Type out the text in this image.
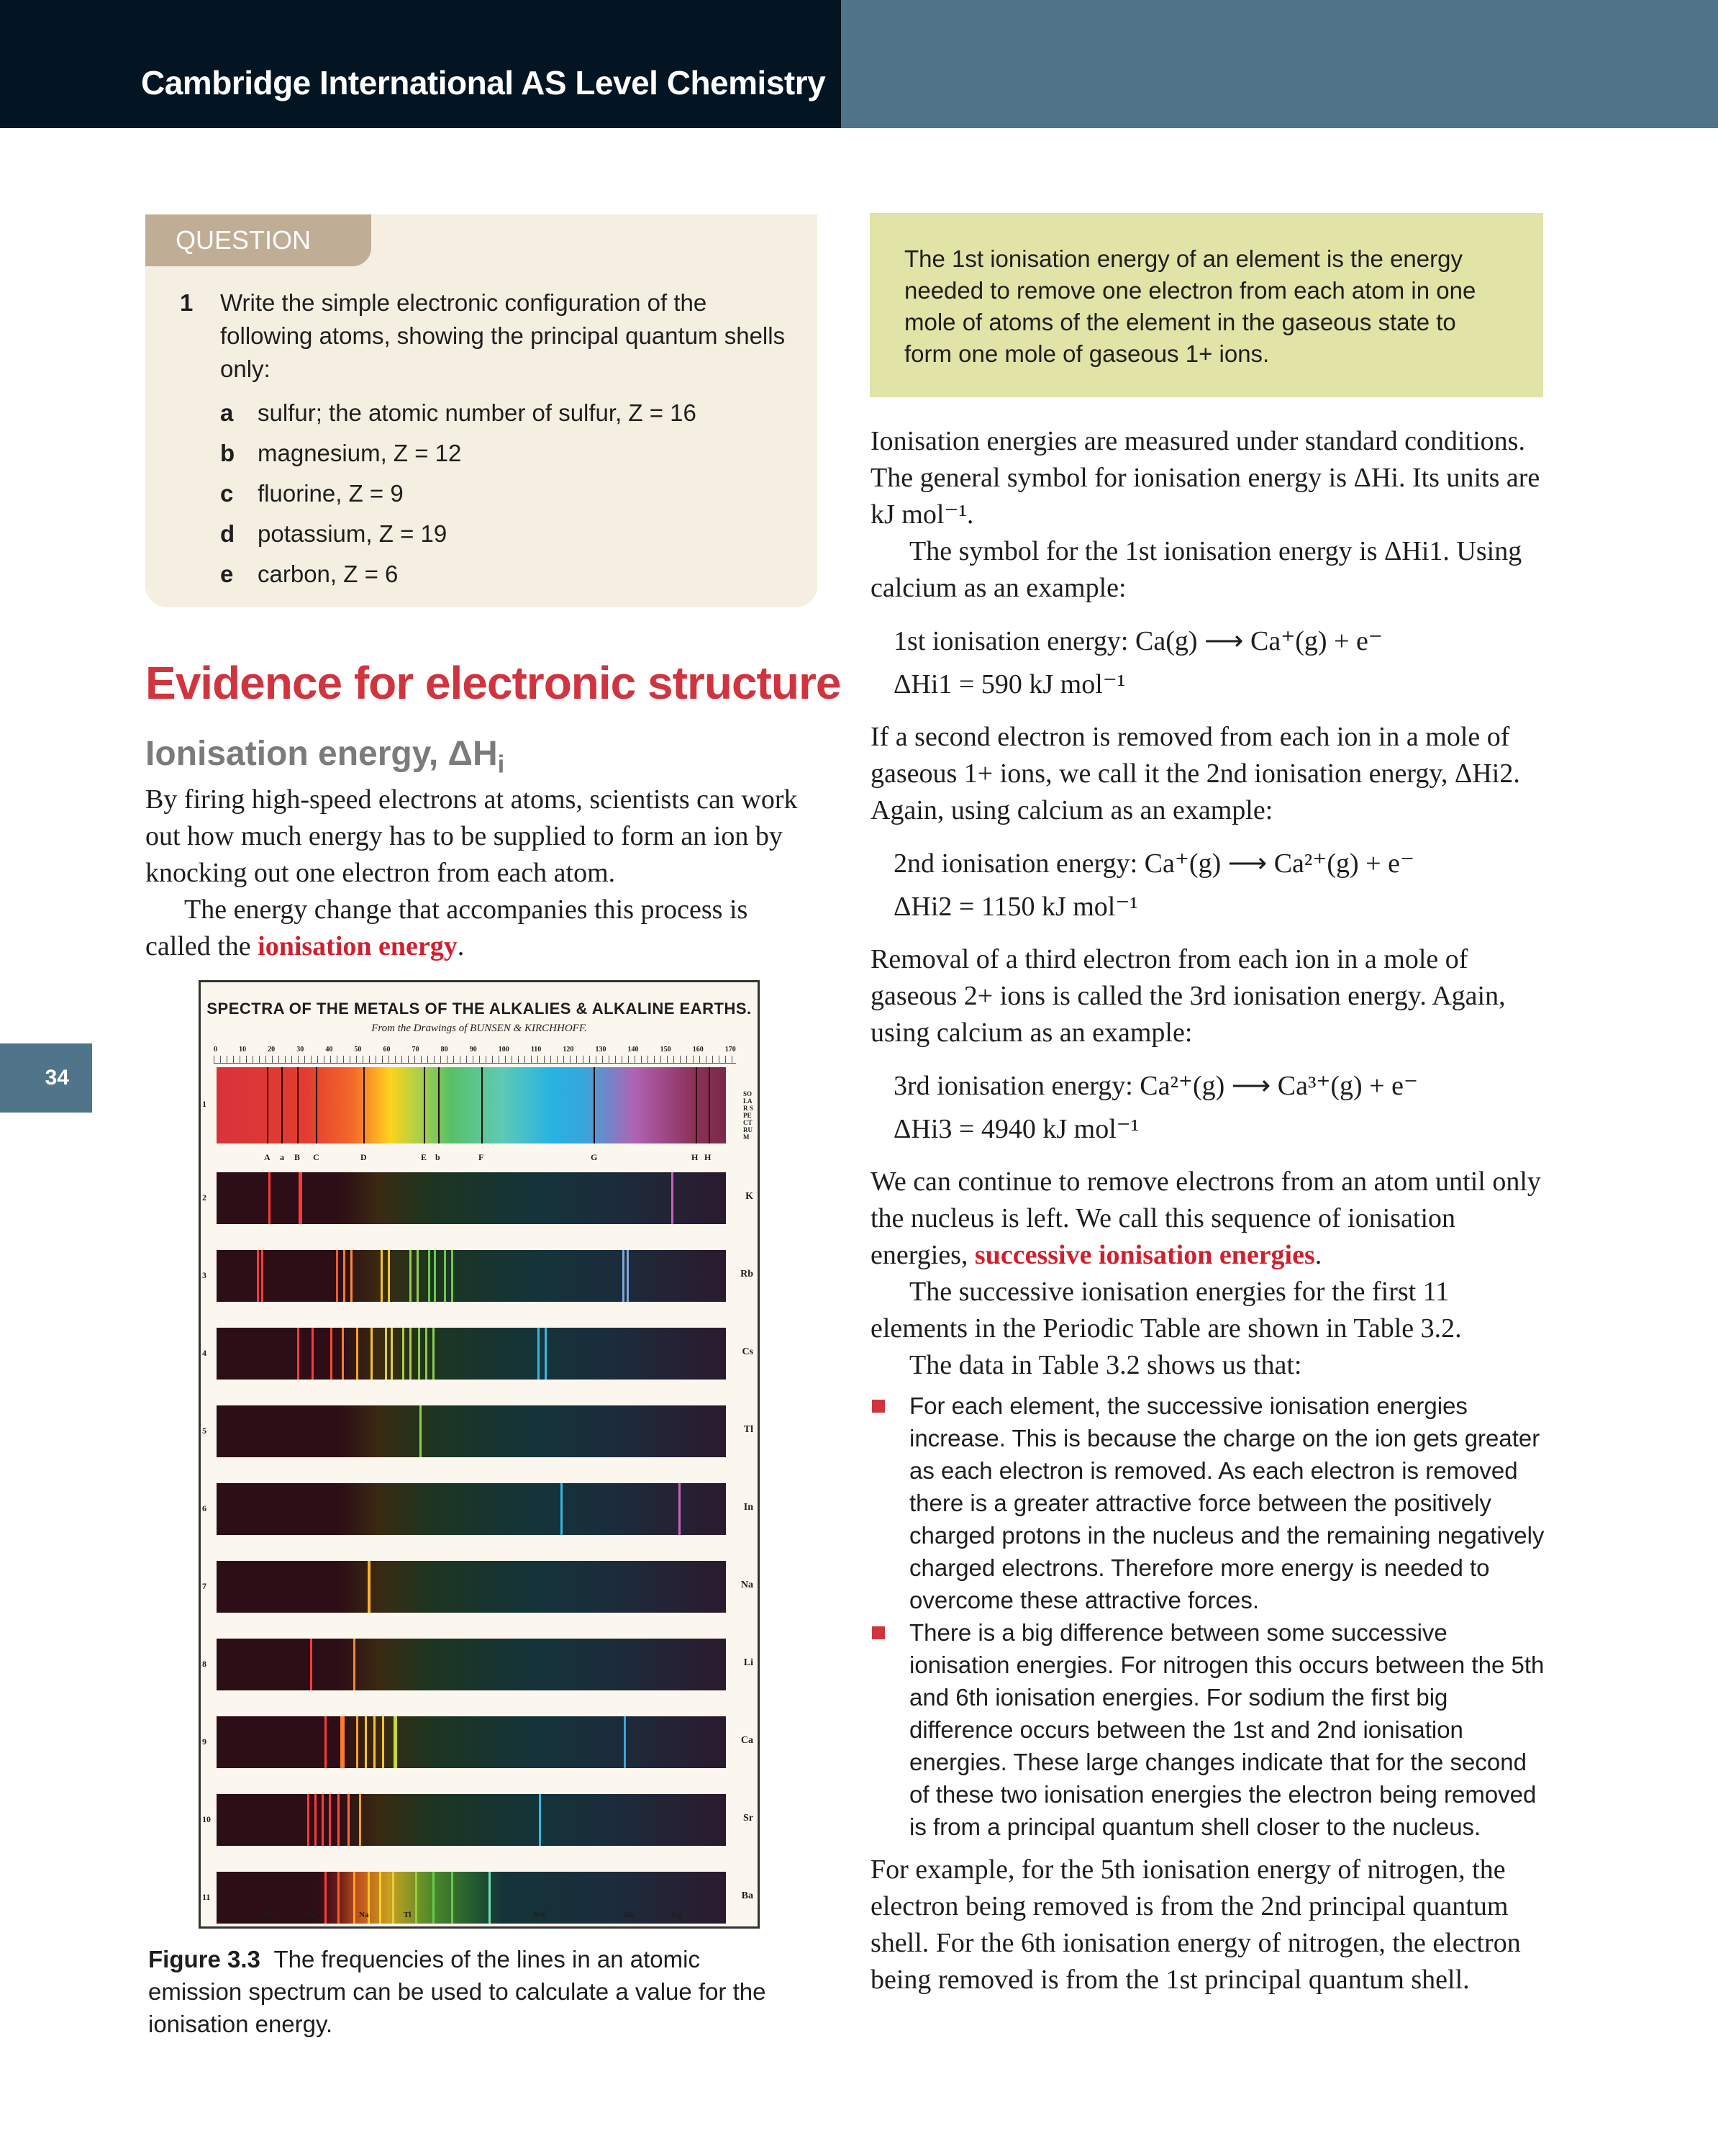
Cambridge International AS Level Chemistry
34
QUESTION
1 Write the simple electronic configuration of the following atoms, showing the principal quantum shells only:
a	sulfur; the atomic number of sulfur, Z = 16
b magnesium, Z = 12
c	fluorine, Z = 9
d potassium, Z = 19
e	carbon, Z = 6
Evidence for electronic structure
Ionisation energy, $\Delta H_i$

By firing high-speed electrons at atoms, scientists can work out how much energy has to be supplied to form an ion by knocking out one electron from each atom.

The energy change that accompanies this process is called the ionisation energy.

SPECTRA OF THE METALS OF THE ALKALIES & ALKALINE EARTHS.
From the Drawings of BUNSEN & KIRCHHOFF.
0	10	20	30	40	50	60	70	80	90	100	110	120	130	140	150	160	170
1
SOLAR SPECTRUM
A a B C	D	E b	F	G	H H
2	K
3	Rb
4	Cs
5	Tl
6	In
7	Na
8	Li
9	Ca
10	Sr
11	Ba
Kα	Liα	Na	Tl	Srδ	Rb	Kβ
Figure 3.3 The frequencies of the lines in an atomic emission spectrum can be used to calculate a value for the ionisation energy.
The 1st ionisation energy of an element is the energy needed to remove one electron from each atom in one mole of atoms of the element in the gaseous state to form one mole of gaseous 1+ ions.

Ionisation energies are measured under standard conditions. The general symbol for ionisation energy is ΔHi. Its units are kJ mol⁻¹.

The symbol for the 1st ionisation energy is ΔHi1. Using calcium as an example:

1st ionisation energy: Ca(g) ⟶ Ca⁺(g) + e⁻
ΔHi1 = 590 kJ mol⁻¹

If a second electron is removed from each ion in a mole of gaseous 1+ ions, we call it the 2nd ionisation energy, ΔHi2. Again, using calcium as an example:

2nd ionisation energy: Ca⁺(g) ⟶ Ca²⁺(g) + e⁻
ΔHi2 = 1150 kJ mol⁻¹

Removal of a third electron from each ion in a mole of gaseous 2+ ions is called the 3rd ionisation energy. Again, using calcium as an example:

3rd ionisation energy: Ca²⁺(g) ⟶ Ca³⁺(g) + e⁻
ΔHi3 = 4940 kJ mol⁻¹

We can continue to remove electrons from an atom until only the nucleus is left. We call this sequence of ionisation energies, successive ionisation energies.

The successive ionisation energies for the first 11 elements in the Periodic Table are shown in Table 3.2.

The data in Table 3.2 shows us that:

For each element, the successive ionisation energies increase. This is because the charge on the ion gets greater as each electron is removed. As each electron is removed there is a greater attractive force between the positively charged protons in the nucleus and the remaining negatively charged electrons. Therefore more energy is needed to overcome these attractive forces.
There is a big difference between some successive ionisation energies. For nitrogen this occurs between the 5th and 6th ionisation energies. For sodium the first big difference occurs between the 1st and 2nd ionisation energies. These large changes indicate that for the second of these two ionisation energies the electron being removed is from a principal quantum shell closer to the nucleus.

For example, for the 5th ionisation energy of nitrogen, the electron being removed is from the 2nd principal quantum shell. For the 6th ionisation energy of nitrogen, the electron being removed is from the 1st principal quantum shell.
